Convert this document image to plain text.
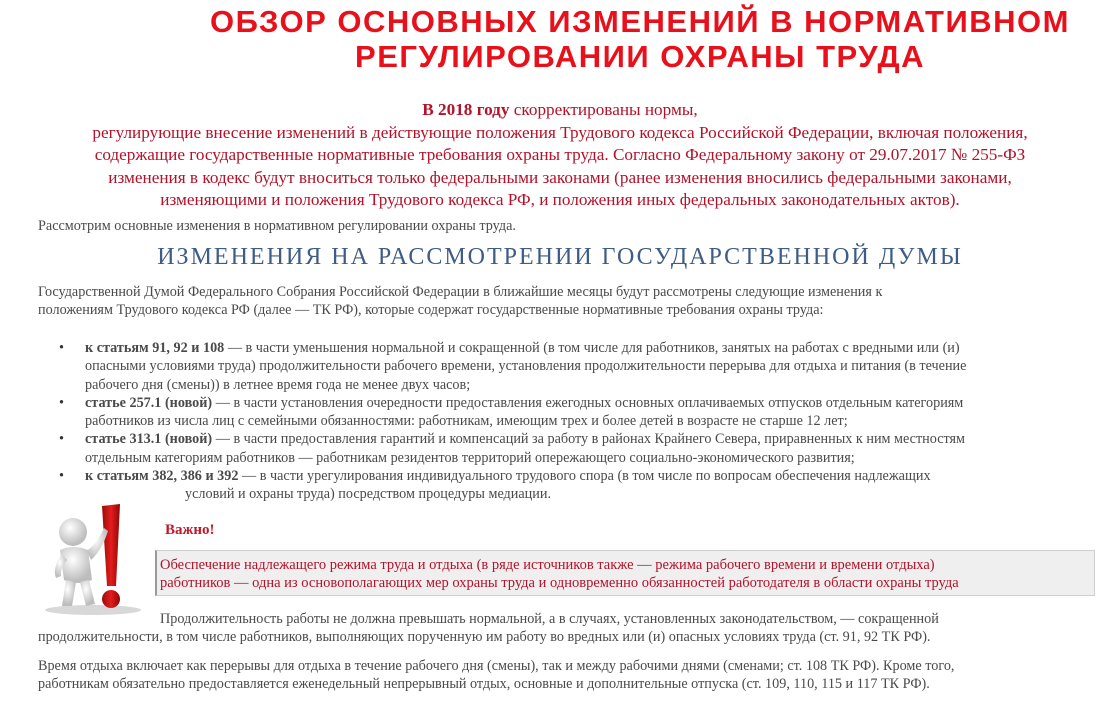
ОБЗОР ОСНОВНЫХ ИЗМЕНЕНИЙ В НОРМАТИВНОМ
РЕГУЛИРОВАНИИ ОХРАНЫ ТРУДА
В 2018 году скорректированы нормы,
регулирующие внесение изменений в действующие положения Трудового кодекса Российской Федерации, включая положения,
содержащие государственные нормативные требования охраны труда. Согласно Федеральному закону от 29.07.2017 № 255-ФЗ
изменения в кодекс будут вноситься только федеральными законами (ранее изменения вносились федеральными законами,
изменяющими и положения Трудового кодекса РФ, и положения иных федеральных законодательных актов).
Рассмотрим основные изменения в нормативном регулировании охраны труда.
ИЗМЕНЕНИЯ НА РАССМОТРЕНИИ ГОСУДАРСТВЕННОЙ ДУМЫ
Государственной Думой Федерального Собрания Российской Федерации в ближайшие месяцы будут рассмотрены следующие изменения к
положениям Трудового кодекса РФ (далее — ТК РФ), которые содержат государственные нормативные требования охраны труда:
• к статьям 91, 92 и 108 — в части уменьшения нормальной и сокращенной (в том числе для работников, занятых на работах с вредными или (и)
опасными условиями труда) продолжительности рабочего времени, установления продолжительности перерыва для отдыха и питания (в течение
рабочего дня (смены)) в летнее время года не менее двух часов;
• статье 257.1 (новой) — в части установления очередности предоставления ежегодных основных оплачиваемых отпусков отдельным категориям
работников из числа лиц с семейными обязанностями: работникам, имеющим трех и более детей в возрасте не старше 12 лет;
• статье 313.1 (новой) — в части предоставления гарантий и компенсаций за работу в районах Крайнего Севера, приравненных к ним местностям
отдельным категориям работников — работникам резидентов территорий опережающего социально-экономического развития;
• к статьям 382, 386 и 392 — в части урегулирования индивидуального трудового спора (в том числе по вопросам обеспечения надлежащих
условий и охраны труда) посредством процедуры медиации.
Важно!
Обеспечение надлежащего режима труда и отдыха (в ряде источников также — режима рабочего времени и времени отдыха)
работников — одна из основополагающих мер охраны труда и одновременно обязанностей работодателя в области охраны труда
Продолжительность работы не должна превышать нормальной, а в случаях, установленных законодательством, — сокращенной
продолжительности, в том числе работников, выполняющих порученную им работу во вредных или (и) опасных условиях труда (ст. 91, 92 ТК РФ).
Время отдыха включает как перерывы для отдыха в течение рабочего дня (смены), так и между рабочими днями (сменами; ст. 108 ТК РФ). Кроме того,
работникам обязательно предоставляется еженедельный непрерывный отдых, основные и дополнительные отпуска (ст. 109, 110, 115 и 117 ТК РФ).
